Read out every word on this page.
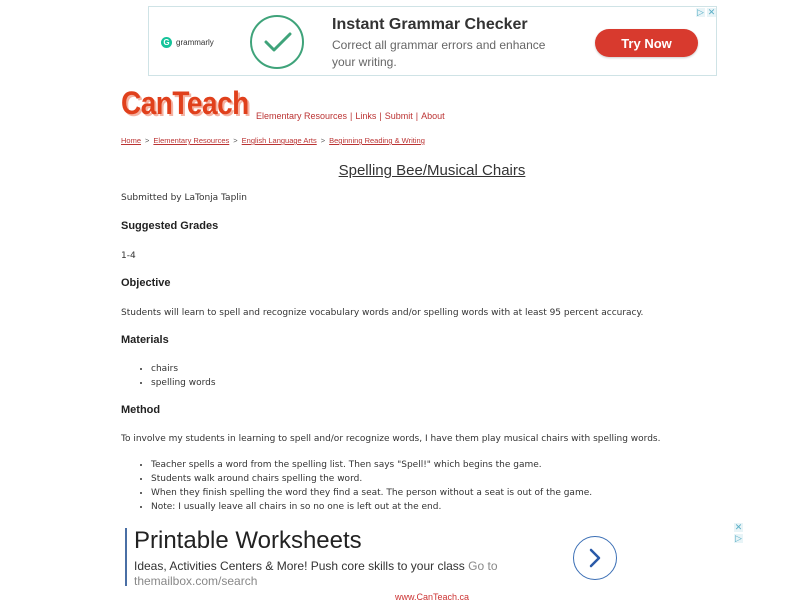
G grammarly
Instant Grammar Checker
Correct all grammar errors and enhance your writing.
Try Now
▷ ✕
CanTeach Elementary Resources | Links | Submit | About
Home > Elementary Resources > English Language Arts > Beginning Reading & Writing
Spelling Bee/Musical Chairs

Submitted by LaTonja Taplin

Suggested Grades

1-4

Objective

Students will learn to spell and recognize vocabulary words and/or spelling words with at least 95 percent accuracy.

Materials
• chairs
• spelling words
Method

To involve my students in learning to spell and/or recognize words, I have them play musical chairs with spelling words.

• Teacher spells a word from the spelling list. Then says "Spell!" which begins the game.
• Students walk around chairs spelling the word.
• When they finish spelling the word they find a seat. The person without a seat is out of the game.
• Note: I usually leave all chairs in so no one is left out at the end.
Printable Worksheets
Ideas, Activities Centers & More! Push core skills to your class Go to themailbox.com/search
✕
▷
www.CanTeach.ca
